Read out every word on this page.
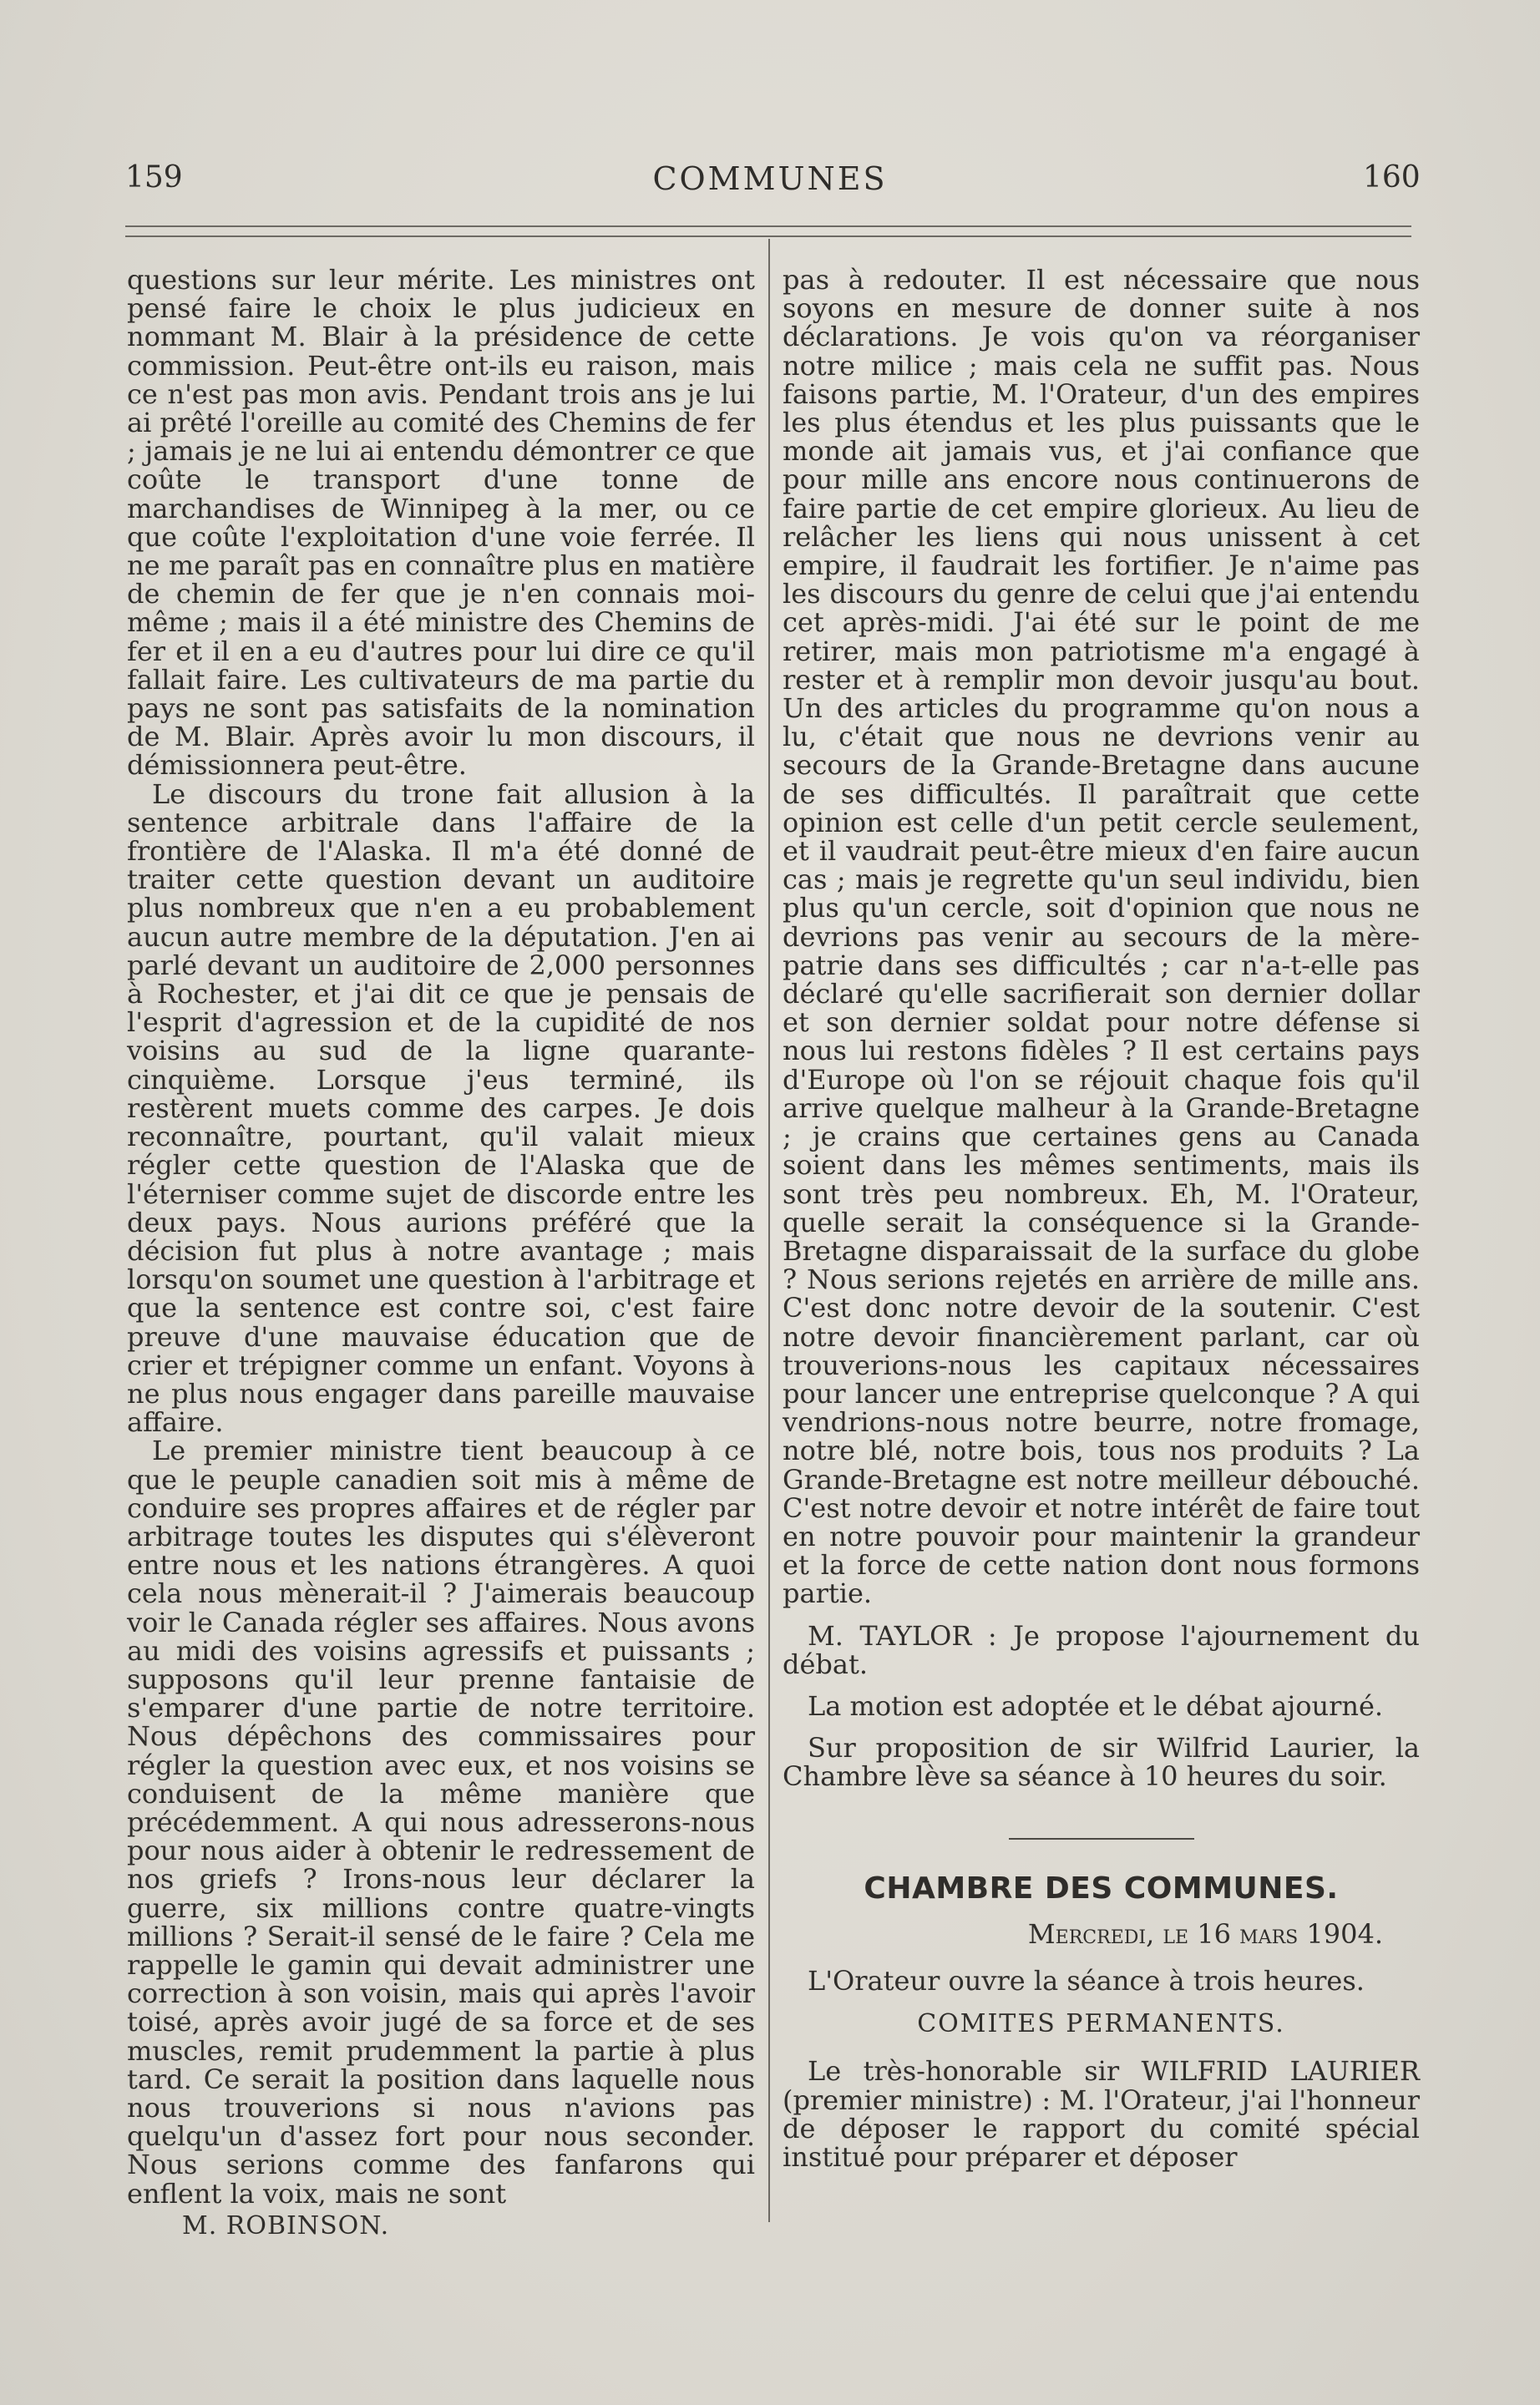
159	COMMUNES	160

questions sur leur mérite. Les ministres ont pensé faire le choix le plus judicieux en nommant M. Blair à la présidence de cette commission. Peut-être ont-ils eu raison, mais ce n'est pas mon avis. Pendant trois ans je lui ai prêté l'oreille au comité des Chemins de fer ; jamais je ne lui ai entendu démontrer ce que coûte le transport d'une tonne de marchandises de Winnipeg à la mer, ou ce que coûte l'exploitation d'une voie ferrée. Il ne me paraît pas en connaître plus en matière de chemin de fer que je n'en connais moi-même ; mais il a été ministre des Chemins de fer et il en a eu d'autres pour lui dire ce qu'il fallait faire. Les cultivateurs de ma partie du pays ne sont pas satisfaits de la nomination de M. Blair. Après avoir lu mon discours, il démissionnera peut-être.

Le discours du trone fait allusion à la sentence arbitrale dans l'affaire de la frontière de l'Alaska. Il m'a été donné de traiter cette question devant un auditoire plus nombreux que n'en a eu probablement aucun autre membre de la députation. J'en ai parlé devant un auditoire de 2,000 personnes à Rochester, et j'ai dit ce que je pensais de l'esprit d'agression et de la cupidité de nos voisins au sud de la ligne quarante-cinquième. Lorsque j'eus terminé, ils restèrent muets comme des carpes. Je dois reconnaître, pourtant, qu'il valait mieux régler cette question de l'Alaska que de l'éterniser comme sujet de discorde entre les deux pays. Nous aurions préféré que la décision fut plus à notre avantage ; mais lorsqu'on soumet une question à l'arbitrage et que la sentence est contre soi, c'est faire preuve d'une mauvaise éducation que de crier et trépigner comme un enfant. Voyons à ne plus nous engager dans pareille mauvaise affaire.

Le premier ministre tient beaucoup à ce que le peuple canadien soit mis à même de conduire ses propres affaires et de régler par arbitrage toutes les disputes qui s'élèveront entre nous et les nations étrangères. A quoi cela nous mènerait-il ? J'aimerais beaucoup voir le Canada régler ses affaires. Nous avons au midi des voisins agressifs et puissants ; supposons qu'il leur prenne fantaisie de s'emparer d'une partie de notre territoire. Nous dépêchons des commissaires pour régler la question avec eux, et nos voisins se conduisent de la même manière que précédemment. A qui nous adresserons-nous pour nous aider à obtenir le redressement de nos griefs ? Irons-nous leur déclarer la guerre, six millions contre quatre-vingts millions ? Serait-il sensé de le faire ? Cela me rappelle le gamin qui devait administrer une correction à son voisin, mais qui après l'avoir toisé, après avoir jugé de sa force et de ses muscles, remit prudemment la partie à plus tard. Ce serait la position dans laquelle nous nous trouverions si nous n'avions pas quelqu'un d'assez fort pour nous seconder. Nous serions comme des fanfarons qui enflent la voix, mais ne sont

M. ROBINSON.

pas à redouter. Il est nécessaire que nous soyons en mesure de donner suite à nos déclarations. Je vois qu'on va réorganiser notre milice ; mais cela ne suffit pas. Nous faisons partie, M. l'Orateur, d'un des empires les plus étendus et les plus puissants que le monde ait jamais vus, et j'ai confiance que pour mille ans encore nous continuerons de faire partie de cet empire glorieux. Au lieu de relâcher les liens qui nous unissent à cet empire, il faudrait les fortifier. Je n'aime pas les discours du genre de celui que j'ai entendu cet après-midi. J'ai été sur le point de me retirer, mais mon patriotisme m'a engagé à rester et à remplir mon devoir jusqu'au bout. Un des articles du programme qu'on nous a lu, c'était que nous ne devrions venir au secours de la Grande-Bretagne dans aucune de ses difficultés. Il paraîtrait que cette opinion est celle d'un petit cercle seulement, et il vaudrait peut-être mieux d'en faire aucun cas ; mais je regrette qu'un seul individu, bien plus qu'un cercle, soit d'opinion que nous ne devrions pas venir au secours de la mère-patrie dans ses difficultés ; car n'a-t-elle pas déclaré qu'elle sacrifierait son dernier dollar et son dernier soldat pour notre défense si nous lui restons fidèles ? Il est certains pays d'Europe où l'on se réjouit chaque fois qu'il arrive quelque malheur à la Grande-Bretagne ; je crains que certaines gens au Canada soient dans les mêmes sentiments, mais ils sont très peu nombreux. Eh, M. l'Orateur, quelle serait la conséquence si la Grande-Bretagne disparaissait de la surface du globe ? Nous serions rejetés en arrière de mille ans. C'est donc notre devoir de la soutenir. C'est notre devoir financièrement parlant, car où trouverions-nous les capitaux nécessaires pour lancer une entreprise quelconque ? A qui vendrions-nous notre beurre, notre fromage, notre blé, notre bois, tous nos produits ? La Grande-Bretagne est notre meilleur débouché. C'est notre devoir et notre intérêt de faire tout en notre pouvoir pour maintenir la grandeur et la force de cette nation dont nous formons partie.

M. TAYLOR : Je propose l'ajournement du débat.

La motion est adoptée et le débat ajourné.

Sur proposition de sir Wilfrid Laurier, la Chambre lève sa séance à 10 heures du soir.

CHAMBRE DES COMMUNES.
Mercredi, le 16 mars 1904.

L'Orateur ouvre la séance à trois heures.

COMITES PERMANENTS.

Le très-honorable sir WILFRID LAURIER (premier ministre) : M. l'Orateur, j'ai l'honneur de déposer le rapport du comité spécial institué pour préparer et déposer
